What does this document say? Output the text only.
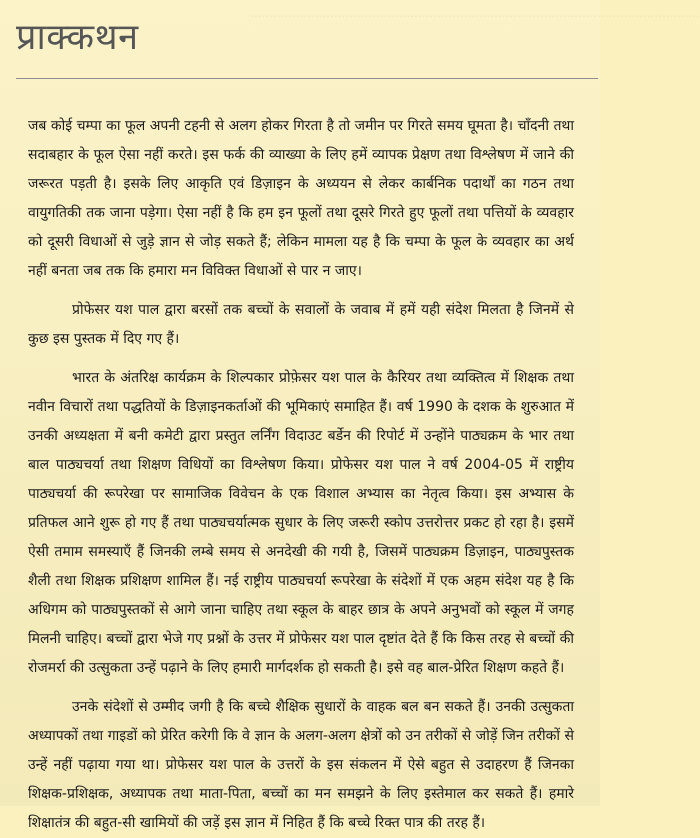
......................................................................................................................
प्राक्कथन

जब कोई चम्पा का फूल अपनी टहनी से अलग होकर गिरता है तो जमीन पर गिरते समय घूमता है। चाँदनी तथा सदाबहार के फूल ऐसा नहीं करते। इस फर्क की व्याख्या के लिए हमें व्यापक प्रेक्षण तथा विश्लेषण में जाने की जरूरत पड़ती है। इसके लिए आकृति एवं डिज़ाइन के अध्ययन से लेकर कार्बनिक पदार्थों का गठन तथा वायुगतिकी तक जाना पड़ेगा। ऐसा नहीं है कि हम इन फूलों तथा दूसरे गिरते हुए फूलों तथा पत्तियों के व्यवहार को दूसरी विधाओं से जुड़े ज्ञान से जोड़ सकते हैं; लेकिन मामला यह है कि चम्पा के फूल के व्यवहार का अर्थ नहीं बनता जब तक कि हमारा मन विविक्त विधाओं से पार न जाए।

प्रोफेसर यश पाल द्वारा बरसों तक बच्चों के सवालों के जवाब में हमें यही संदेश मिलता है जिनमें से कुछ इस पुस्तक में दिए गए हैं।

भारत के अंतरिक्ष कार्यक्रम के शिल्पकार प्रोफ़ेसर यश पाल के कैरियर तथा व्यक्तित्व में शिक्षक तथा नवीन विचारों तथा पद्धतियों के डिज़ाइनकर्ताओं की भूमिकाएं समाहित हैं। वर्ष 1990 के दशक के शुरुआत में उनकी अध्यक्षता में बनी कमेटी द्वारा प्रस्तुत लर्निंग विदाउट बर्डेन की रिपोर्ट में उन्होंने पाठ्यक्रम के भार तथा बाल पाठ्यचर्या तथा शिक्षण विधियों का विश्लेषण किया। प्रोफेसर यश पाल ने वर्ष 2004-05 में राष्ट्रीय पाठ्यचर्या की रूपरेखा पर सामाजिक विवेचन के एक विशाल अभ्यास का नेतृत्व किया। इस अभ्यास के प्रतिफल आने शुरू हो गए हैं तथा पाठ्यचर्यात्मक सुधार के लिए जरूरी स्कोप उत्तरोत्तर प्रकट हो रहा है। इसमें ऐसी तमाम समस्याएँ हैं जिनकी लम्बे समय से अनदेखी की गयी है, जिसमें पाठ्यक्रम डिज़ाइन, पाठ्यपुस्तक शैली तथा शिक्षक प्रशिक्षण शामिल हैं। नई राष्ट्रीय पाठ्यचर्या रूपरेखा के संदेशों में एक अहम संदेश यह है कि अधिगम को पाठ्यपुस्तकों से आगे जाना चाहिए तथा स्कूल के बाहर छात्र के अपने अनुभवों को स्कूल में जगह मिलनी चाहिए। बच्चों द्वारा भेजे गए प्रश्नों के उत्तर में प्रोफेसर यश पाल दृष्टांत देते हैं कि किस तरह से बच्चों की रोजमर्रा की उत्सुकता उन्हें पढ़ाने के लिए हमारी मार्गदर्शक हो सकती है। इसे वह बाल-प्रेरित शिक्षण कहते हैं।

उनके संदेशों से उम्मीद जगी है कि बच्चे शैक्षिक सुधारों के वाहक बल बन सकते हैं। उनकी उत्सुकता अध्यापकों तथा गाइडों को प्रेरित करेगी कि वे ज्ञान के अलग-अलग क्षेत्रों को उन तरीकों से जोड़ें जिन तरीकों से उन्हें नहीं पढ़ाया गया था। प्रोफेसर यश पाल के उत्तरों के इस संकलन में ऐसे बहुत से उदाहरण हैं जिनका शिक्षक-प्रशिक्षक, अध्यापक तथा माता-पिता, बच्चों का मन समझने के लिए इस्तेमाल कर सकते हैं। हमारे शिक्षातंत्र की बहुत-सी खामियों की जड़ें इस ज्ञान में निहित हैं कि बच्चे रिक्त पात्र की तरह हैं।
